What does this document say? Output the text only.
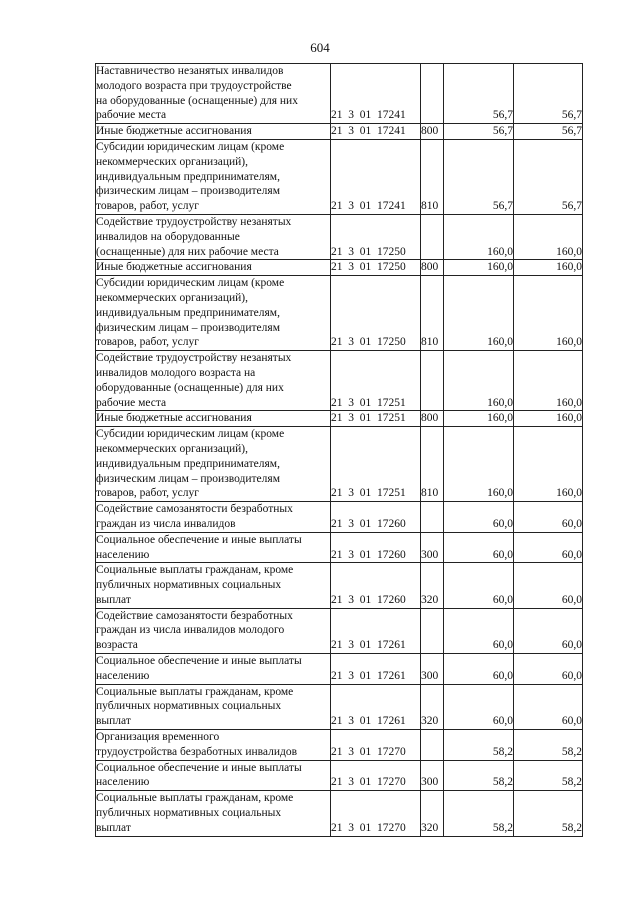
604
Наставничество незанятых инвалидов
молодого возраста при трудоустройстве
на оборудованные (оснащенные) для них
рабочие места	21  3  01  17241		56,7	56,7

Иные бюджетные ассигнования	21  3  01  17241	800	56,7	56,7

Субсидии юридическим лицам (кроме
некоммерческих организаций),
индивидуальным предпринимателям,
физическим лицам – производителям
товаров, работ, услуг	21  3  01  17241	810	56,7	56,7

Содействие трудоустройству незанятых
инвалидов на оборудованные
(оснащенные) для них рабочие места	21  3  01  17250		160,0	160,0

Иные бюджетные ассигнования	21  3  01  17250	800	160,0	160,0

Субсидии юридическим лицам (кроме
некоммерческих организаций),
индивидуальным предпринимателям,
физическим лицам – производителям
товаров, работ, услуг	21  3  01  17250	810	160,0	160,0

Содействие трудоустройству незанятых
инвалидов молодого возраста на
оборудованные (оснащенные) для них
рабочие места	21  3  01  17251		160,0	160,0

Иные бюджетные ассигнования	21  3  01  17251	800	160,0	160,0

Субсидии юридическим лицам (кроме
некоммерческих организаций),
индивидуальным предпринимателям,
физическим лицам – производителям
товаров, работ, услуг	21  3  01  17251	810	160,0	160,0

Содействие самозанятости безработных
граждан из числа инвалидов	21  3  01  17260		60,0	60,0

Социальное обеспечение и иные выплаты
населению	21  3  01  17260	300	60,0	60,0

Социальные выплаты гражданам, кроме
публичных нормативных социальных
выплат	21  3  01  17260	320	60,0	60,0

Содействие самозанятости безработных
граждан из числа инвалидов молодого
возраста	21  3  01  17261		60,0	60,0

Социальное обеспечение и иные выплаты
населению	21  3  01  17261	300	60,0	60,0

Социальные выплаты гражданам, кроме
публичных нормативных социальных
выплат	21  3  01  17261	320	60,0	60,0

Организация временного
трудоустройства безработных инвалидов	21  3  01  17270		58,2	58,2

Социальное обеспечение и иные выплаты
населению	21  3  01  17270	300	58,2	58,2

Социальные выплаты гражданам, кроме
публичных нормативных социальных
выплат	21  3  01  17270	320	58,2	58,2
